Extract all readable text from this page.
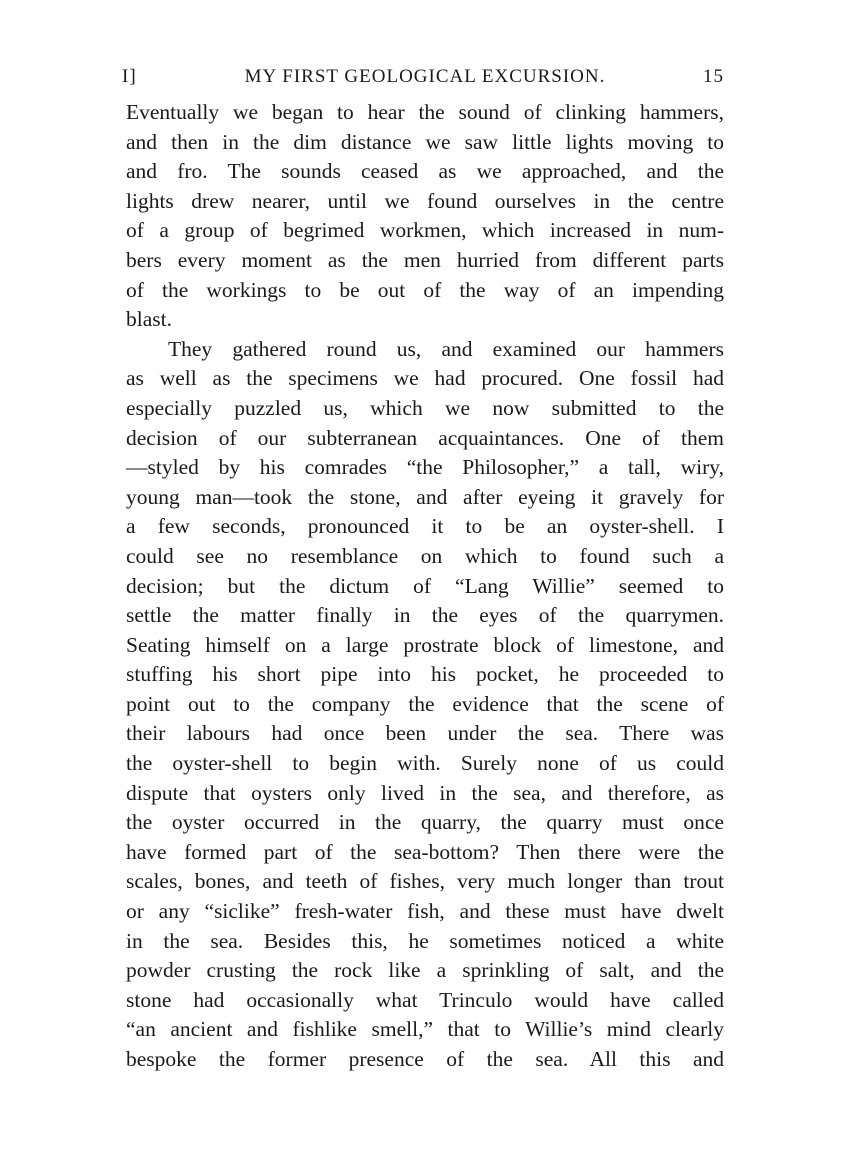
I]	MY FIRST GEOLOGICAL EXCURSION.	15
Eventually we began to hear the sound of clinking hammers,
and then in the dim distance we saw little lights moving to
and fro. The sounds ceased as we approached, and the
lights drew nearer, until we found ourselves in the centre
of a group of begrimed workmen, which increased in num-
bers every moment as the men hurried from different parts
of the workings to be out of the way of an impending
blast.
They gathered round us, and examined our hammers
as well as the specimens we had procured. One fossil had
especially puzzled us, which we now submitted to the
decision of our subterranean acquaintances. One of them
—styled by his comrades “the Philosopher,” a tall, wiry,
young man—took the stone, and after eyeing it gravely for
a few seconds, pronounced it to be an oyster-shell. I
could see no resemblance on which to found such a
decision; but the dictum of “Lang Willie” seemed to
settle the matter finally in the eyes of the quarrymen.
Seating himself on a large prostrate block of limestone, and
stuffing his short pipe into his pocket, he proceeded to
point out to the company the evidence that the scene of
their labours had once been under the sea. There was
the oyster-shell to begin with. Surely none of us could
dispute that oysters only lived in the sea, and therefore, as
the oyster occurred in the quarry, the quarry must once
have formed part of the sea-bottom? Then there were the
scales, bones, and teeth of fishes, very much longer than trout
or any “siclike” fresh-water fish, and these must have dwelt
in the sea. Besides this, he sometimes noticed a white
powder crusting the rock like a sprinkling of salt, and the
stone had occasionally what Trinculo would have called
“an ancient and fishlike smell,” that to Willie’s mind clearly
bespoke the former presence of the sea. All this and
